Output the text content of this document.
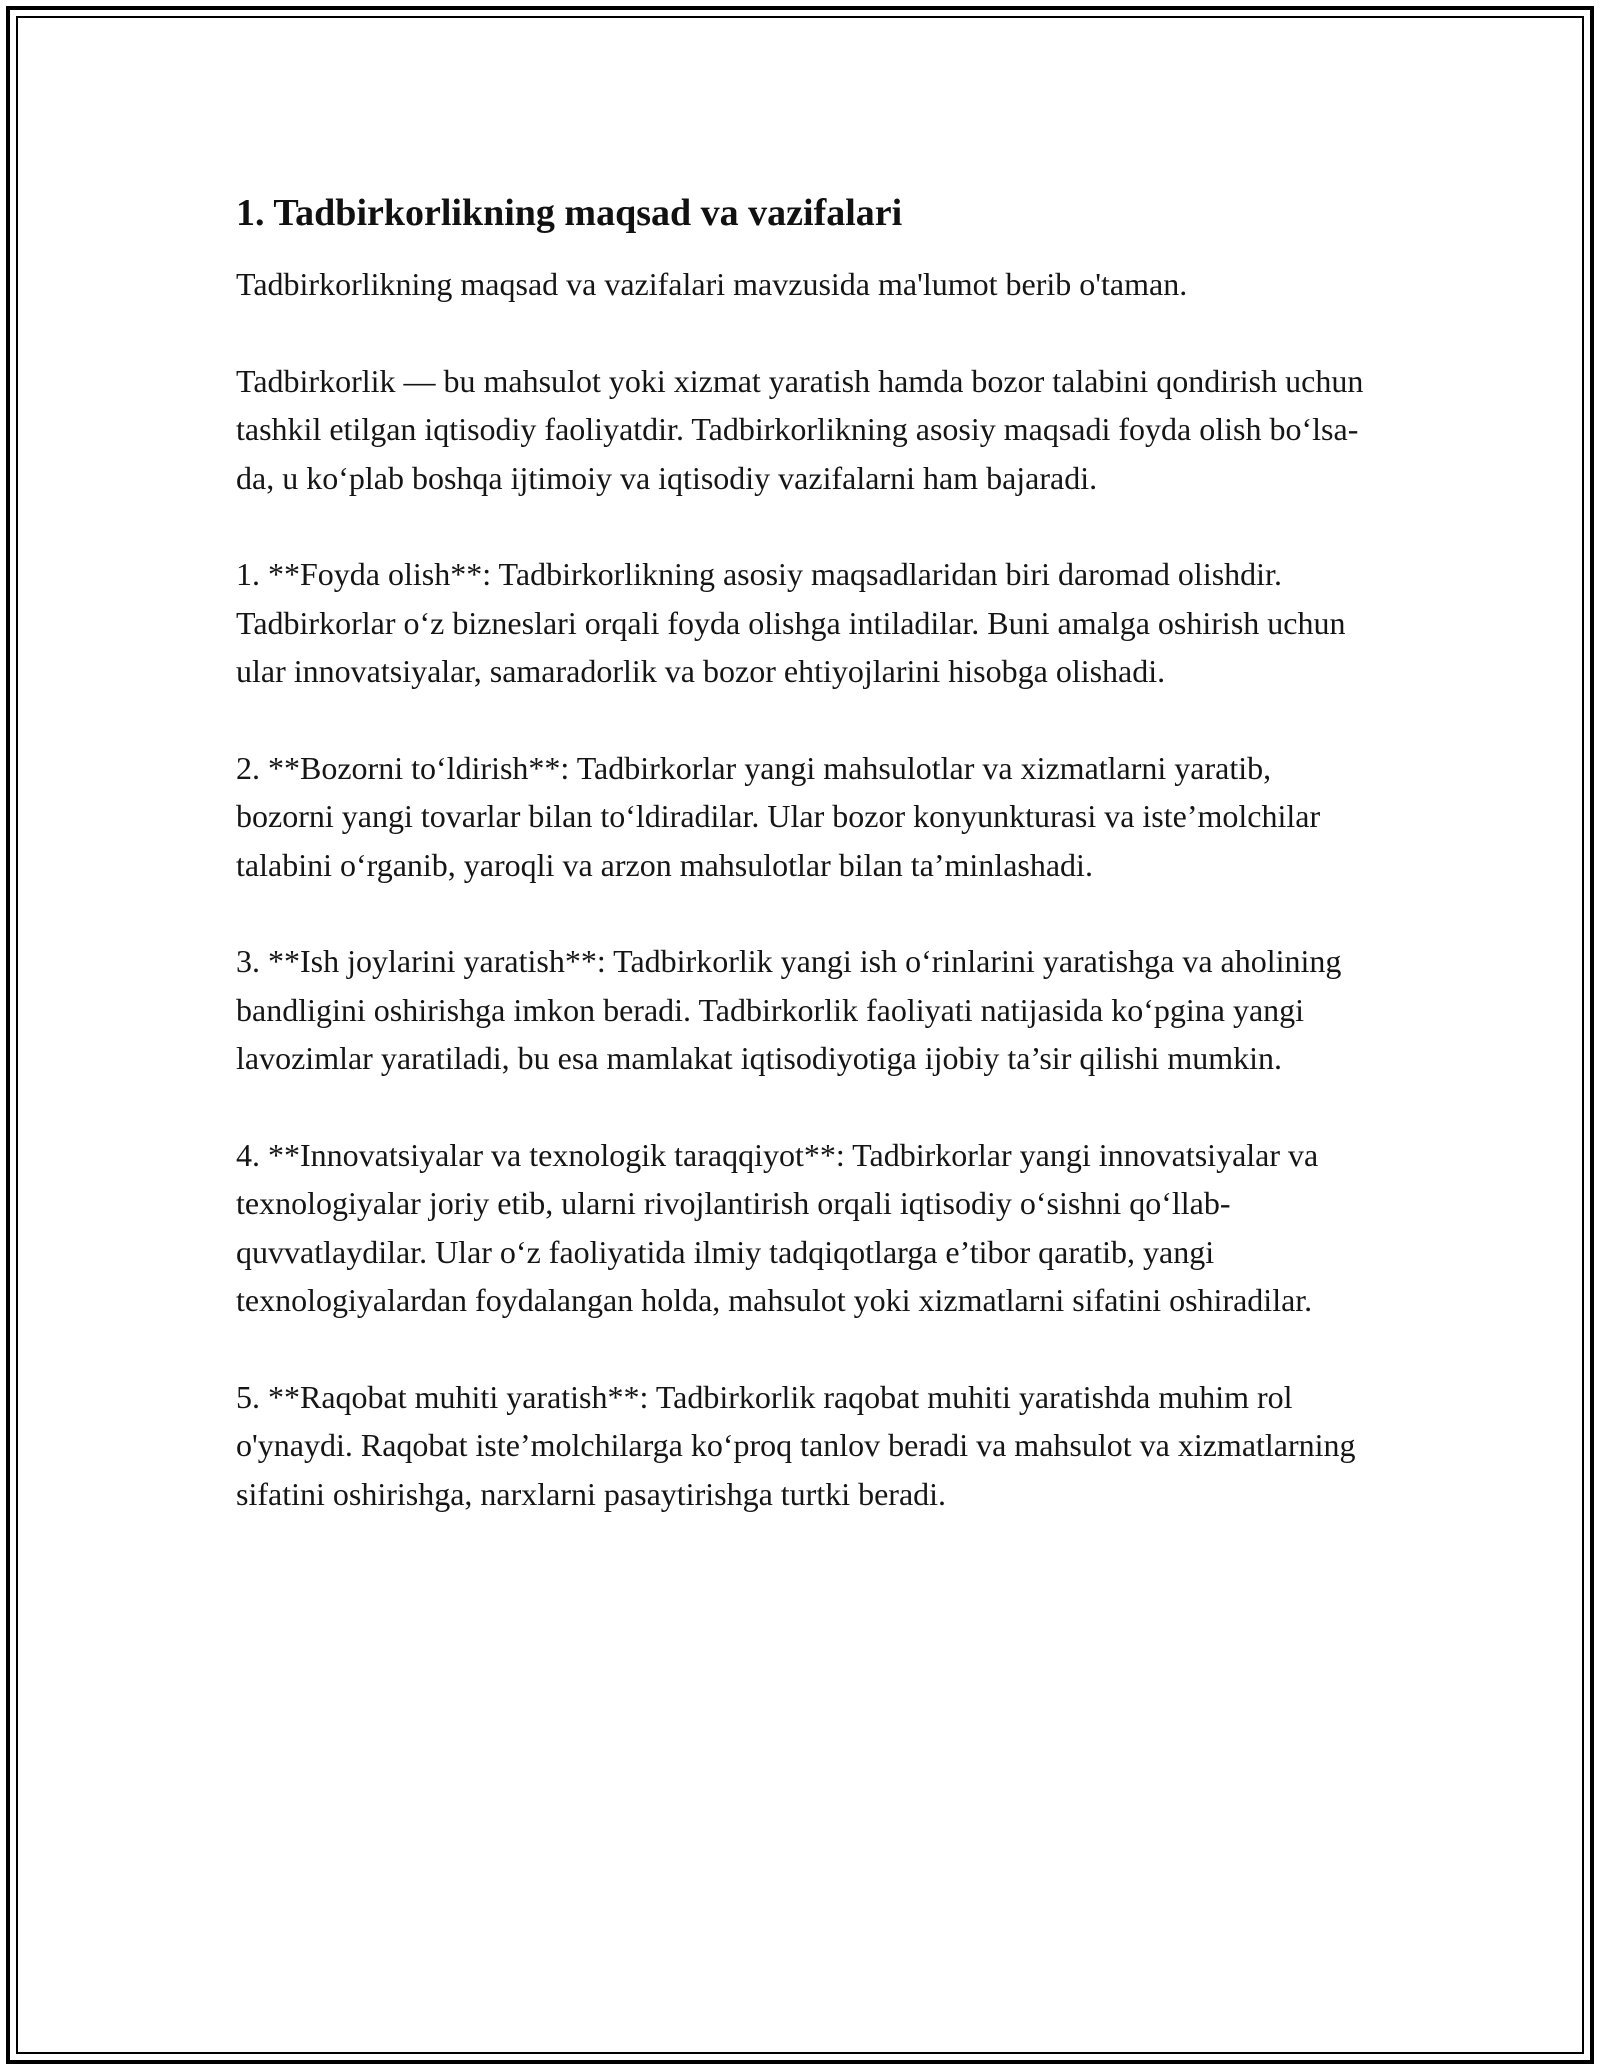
1. Tadbirkorlikning maqsad va vazifalari

Tadbirkorlikning maqsad va vazifalari mavzusida ma'lumot berib o'taman.

Tadbirkorlik — bu mahsulot yoki xizmat yaratish hamda bozor talabini qondirish uchun tashkil etilgan iqtisodiy faoliyatdir. Tadbirkorlikning asosiy maqsadi foyda olish bo‘lsa-da, u ko‘plab boshqa ijtimoiy va iqtisodiy vazifalarni ham bajaradi.

1. **Foyda olish**: Tadbirkorlikning asosiy maqsadlaridan biri daromad olishdir. Tadbirkorlar o‘z bizneslari orqali foyda olishga intiladilar. Buni amalga oshirish uchun ular innovatsiyalar, samaradorlik va bozor ehtiyojlarini hisobga olishadi.

2. **Bozorni to‘ldirish**: Tadbirkorlar yangi mahsulotlar va xizmatlarni yaratib, bozorni yangi tovarlar bilan to‘ldiradilar. Ular bozor konyunkturasi va iste’molchilar talabini o‘rganib, yaroqli va arzon mahsulotlar bilan ta’minlashadi.

3. **Ish joylarini yaratish**: Tadbirkorlik yangi ish o‘rinlarini yaratishga va aholining bandligini oshirishga imkon beradi. Tadbirkorlik faoliyati natijasida ko‘pgina yangi lavozimlar yaratiladi, bu esa mamlakat iqtisodiyotiga ijobiy ta’sir qilishi mumkin.

4. **Innovatsiyalar va texnologik taraqqiyot**: Tadbirkorlar yangi innovatsiyalar va texnologiyalar joriy etib, ularni rivojlantirish orqali iqtisodiy o‘sishni qo‘llab-quvvatlaydilar. Ular o‘z faoliyatida ilmiy tadqiqotlarga e’tibor qaratib, yangi texnologiyalardan foydalangan holda, mahsulot yoki xizmatlarni sifatini oshiradilar.

5. **Raqobat muhiti yaratish**: Tadbirkorlik raqobat muhiti yaratishda muhim rol o'ynaydi. Raqobat iste’molchilarga ko‘proq tanlov beradi va mahsulot va xizmatlarning sifatini oshirishga, narxlarni pasaytirishga turtki beradi.
